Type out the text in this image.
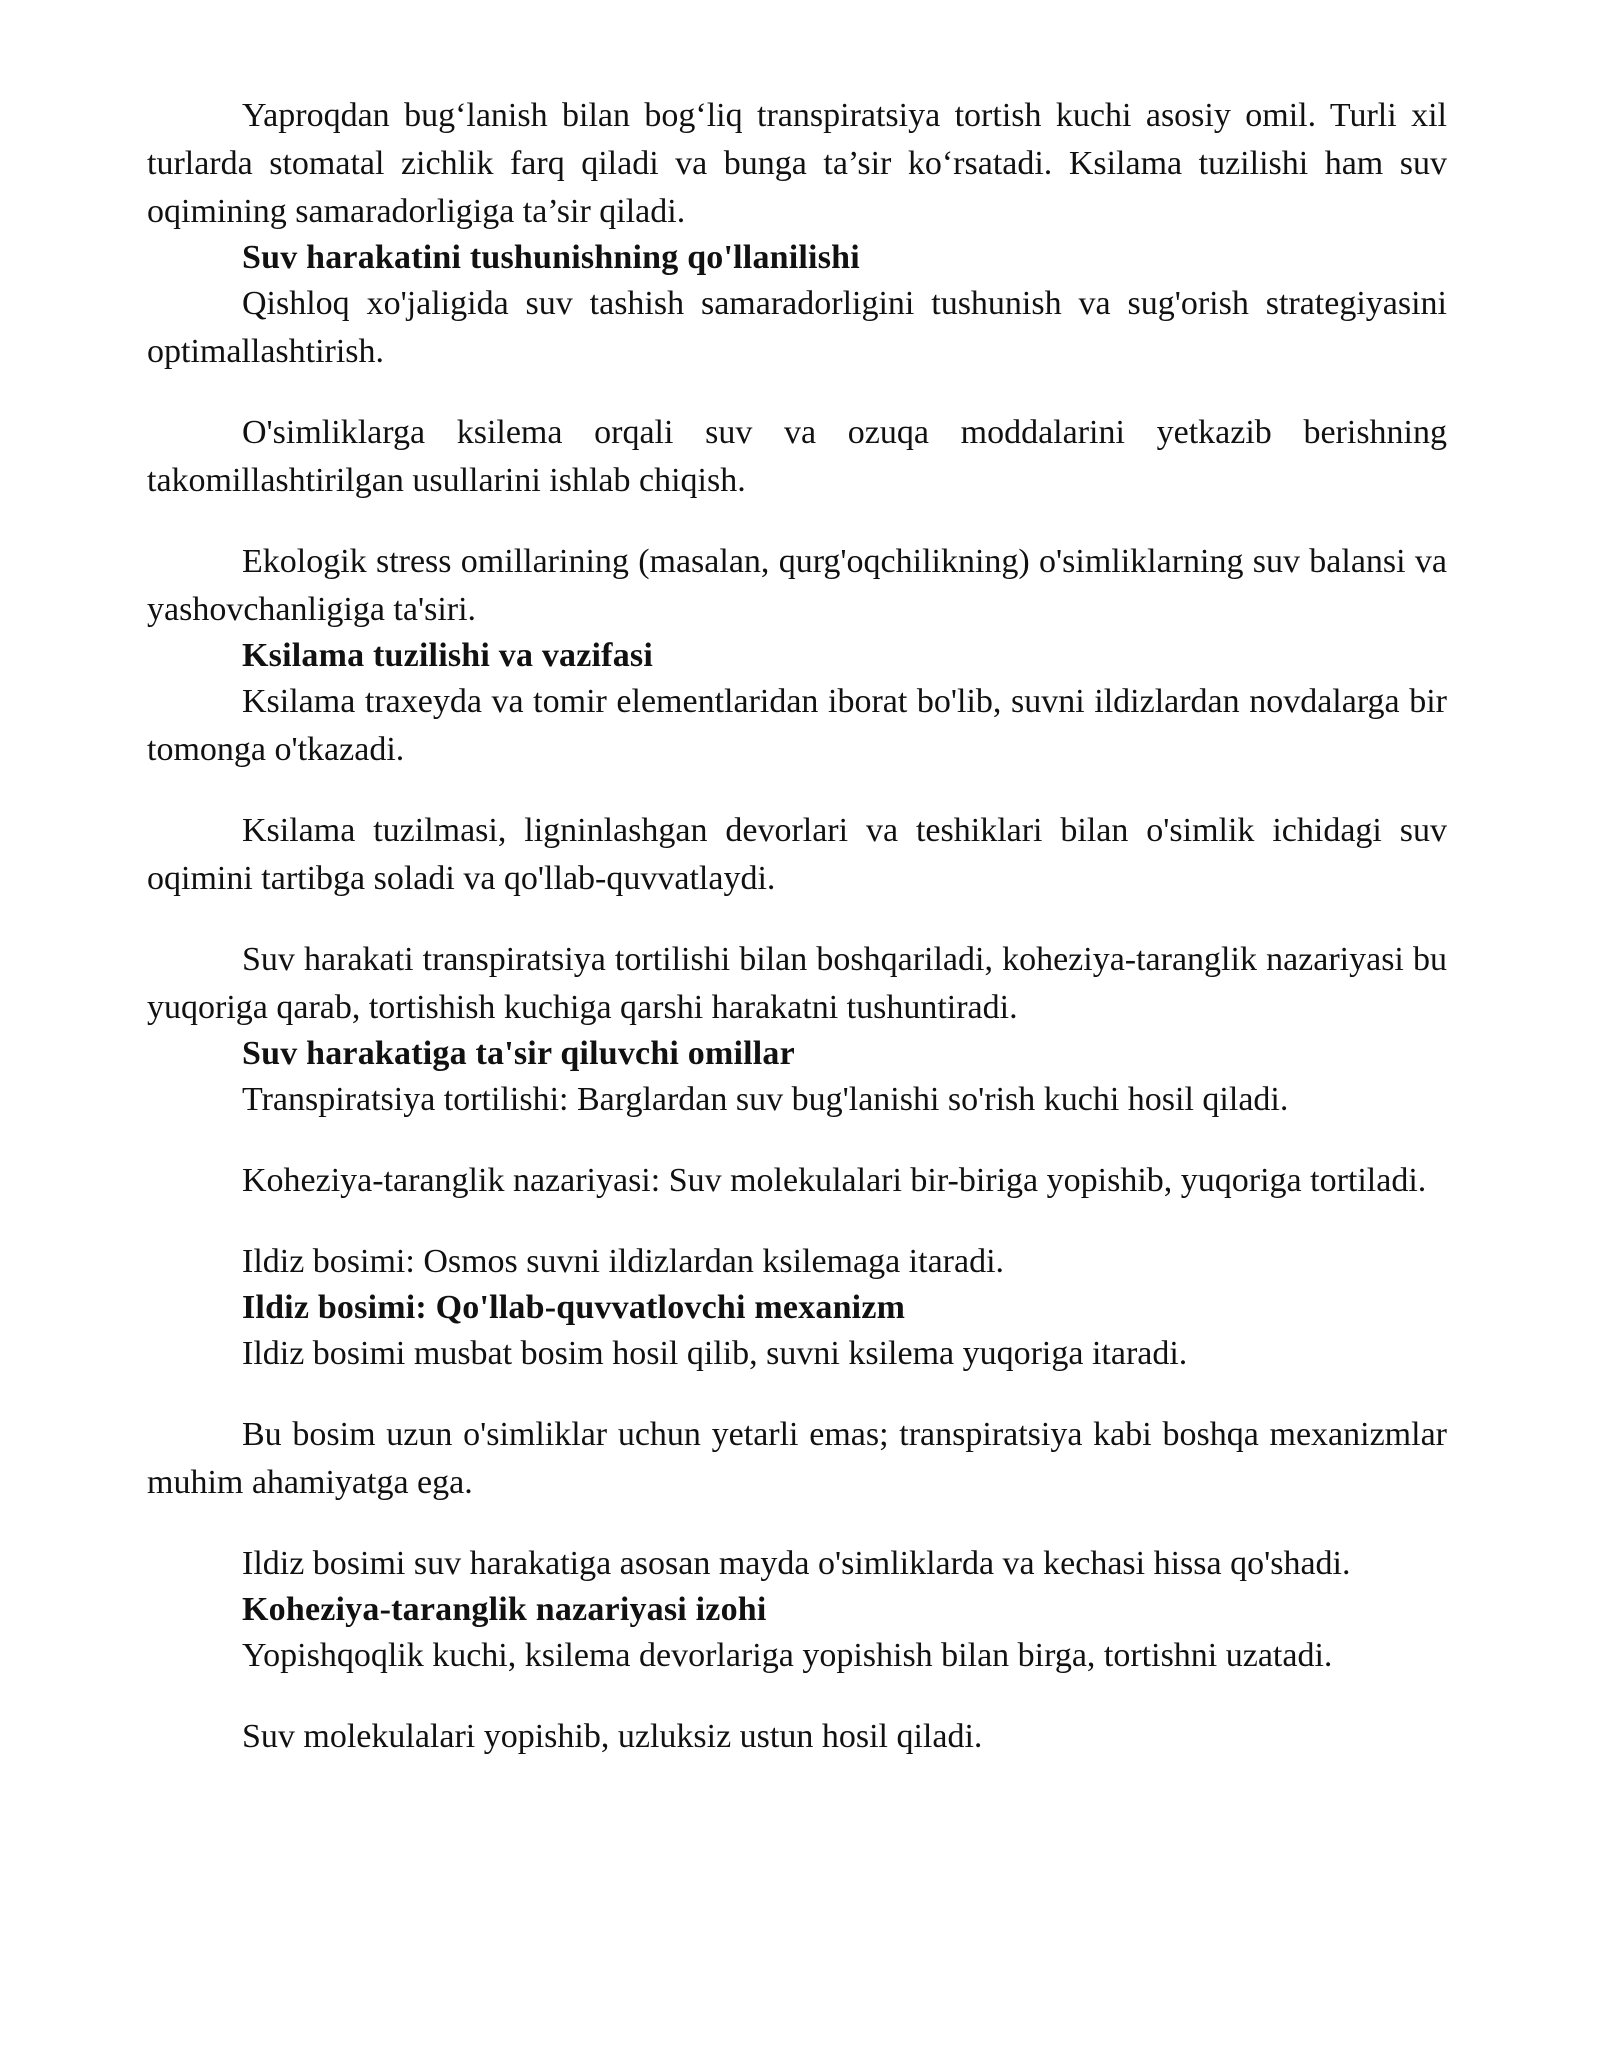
Yaproqdan bug‘lanish bilan bog‘liq transpiratsiya tortish kuchi asosiy omil. Turli xil turlarda stomatal zichlik farq qiladi va bunga ta’sir ko‘rsatadi. Ksilama tuzilishi ham suv oqimining samaradorligiga ta’sir qiladi.

Suv harakatini tushunishning qo'llanilishi

Qishloq xo'jaligida suv tashish samaradorligini tushunish va sug'orish strategiyasini optimallashtirish.

O'simliklarga ksilema orqali suv va ozuqa moddalarini yetkazib berishning takomillashtirilgan usullarini ishlab chiqish.

Ekologik stress omillarining (masalan, qurg'oqchilikning) o'simliklarning suv balansi va yashovchanligiga ta'siri.

Ksilama tuzilishi va vazifasi

Ksilama traxeyda va tomir elementlaridan iborat bo'lib, suvni ildizlardan novdalarga bir tomonga o'tkazadi.

Ksilama tuzilmasi, ligninlashgan devorlari va teshiklari bilan o'simlik ichidagi suv oqimini tartibga soladi va qo'llab-quvvatlaydi.

Suv harakati transpiratsiya tortilishi bilan boshqariladi, koheziya-taranglik nazariyasi bu yuqoriga qarab, tortishish kuchiga qarshi harakatni tushuntiradi.

Suv harakatiga ta'sir qiluvchi omillar

Transpiratsiya tortilishi: Barglardan suv bug'lanishi so'rish kuchi hosil qiladi.

Koheziya-taranglik nazariyasi: Suv molekulalari bir-biriga yopishib, yuqoriga tortiladi.

Ildiz bosimi: Osmos suvni ildizlardan ksilemaga itaradi.

Ildiz bosimi: Qo'llab-quvvatlovchi mexanizm

Ildiz bosimi musbat bosim hosil qilib, suvni ksilema yuqoriga itaradi.

Bu bosim uzun o'simliklar uchun yetarli emas; transpiratsiya kabi boshqa mexanizmlar muhim ahamiyatga ega.

Ildiz bosimi suv harakatiga asosan mayda o'simliklarda va kechasi hissa qo'shadi.

Koheziya-taranglik nazariyasi izohi

Yopishqoqlik kuchi, ksilema devorlariga yopishish bilan birga, tortishni uzatadi.

Suv molekulalari yopishib, uzluksiz ustun hosil qiladi.
